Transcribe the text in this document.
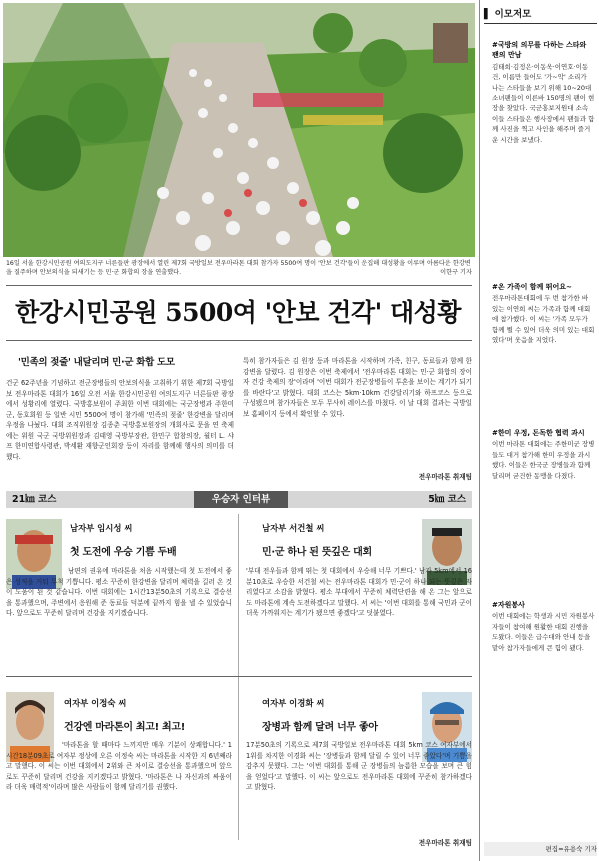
16일 서울 한강시민공원 여의도지구 너른들판 광장에서 열린 제7회 국방일보 전우마라톤 대회 참가자 5500여 명이 '안보 건각'들이 운집해 대성황을 이루며 아름다운 한강변을 질주하며 안보의식을 되새기는 등 민·군 화합의 장을 연출했다.	이한구 기자
한강시민공원 5500여 '안보 건각' 대성황
'민족의 젖줄' 내달리며 민·군 화합 도모
건군 62주년을 기념하고 전군장병들의 안보의식을 고취하기 위한 제7회 국방일보 전우마라톤 대회가 16일 오전 서울 한강시민공원 여의도지구 너른들판 광장에서 성황리에 열렸다. 국방홍보원이 주최한 이번 대회에는 국군장병과 주한미군, 동호회원 등 일반 시민 5500여 명이 참가해 '민족의 젖줄' 한강변을 달리며 우정을 나눴다. 대회 조직위원장 김종춘 국방홍보원장의 개회사로 문을 연 축제에는 위원 국군 국방위원장과 김태영 국방부장관, 한민구 합참의장, 월터 L. 샤프 한미연합사령관, 박세환 재향군인회장 등이 자리를 함께해 행사의 의미를 더했다.
특히 참가자들은 김 원장 등과 마라톤을 시작하며 가족, 친구, 동료들과 함께 한강변을 달렸다. 김 원장은 이번 축제에서 '전우마라톤 대회는 민·군 화합의 장이자 건강 축제의 장'이라며 '이번 대회가 전군장병들이 투혼을 보이는 계기가 되기를 바란다'고 밝혔다. 대회 코스는 5km·10km 건강달리기와 하프코스 등으로 구성됐으며 참가자들은 모두 무사히 레이스를 마쳤다. 이 날 대회 결과는 국방일보 홈페이지 등에서 확인할 수 있다.
전우마라톤 취재팀
21㎞ 코스	우승자 인터뷰	5㎞ 코스
남자부 임시성 씨
첫 도전에 우승 기쁨 두배
남편의 권유에 마라톤을 처음 시작했는데 첫 도전에서 좋은 성적을 거둬 무척 기쁩니다. 평소 꾸준히 한강변을 달리며 체력을 길러 온 것이 도움이 된 것 같습니다. 이번 대회에는 1시간13분50초의 기록으로 결승선을 통과했으며, 주변에서 응원해 준 동료들 덕분에 끝까지 힘을 낼 수 있었습니다. 앞으로도 꾸준히 달리며 건강을 지키겠습니다.
남자부 서건철 씨
민·군 하나 된 뜻깊은 대회
'부대 전우들과 함께 뛰는 첫 대회에서 우승해 너무 기쁘다.' 남자 5km에서 16분10초로 우승한 서건철 씨는 전우마라톤 대회가 민·군이 하나 되는 뜻깊은 자리였다고 소감을 밝혔다. 평소 부대에서 꾸준히 체력단련을 해 온 그는 앞으로도 마라톤에 계속 도전하겠다고 말했다. 서 씨는 '이번 대회를 통해 국민과 군이 더욱 가까워지는 계기가 됐으면 좋겠다'고 덧붙였다.
여자부 이정숙 씨
건강엔 마라톤이 최고! 최고!
'마라톤을 할 때마다 느끼지만 매우 기분이 상쾌합니다.' 1시간18분09초로 여자부 정상에 오른 이정숙 씨는 마라톤을 시작한 지 6년째라고 말했다. 이 씨는 이번 대회에서 2위와 큰 차이로 결승선을 통과했으며 앞으로도 꾸준히 달리며 건강을 지키겠다고 밝혔다. '마라톤은 나 자신과의 싸움이라 더욱 매력적'이라며 많은 사람들이 함께 달리기를 권했다.
여자부 이경화 씨
장병과 함께 달려 너무 좋아
17분50초의 기록으로 제7회 국방일보 전우마라톤 대회 5km 코스 여자부에서 1위를 차지한 이경화 씨는 '장병들과 함께 달릴 수 있어 너무 좋았다'며 기쁨을 감추지 못했다. 그는 '이번 대회를 통해 군 장병들의 늠름한 모습을 보며 큰 힘을 얻었다'고 말했다. 이 씨는 앞으로도 전우마라톤 대회에 꾸준히 참가하겠다고 밝혔다.
전우마라톤 취재팀
▌ 이모저모
#국방의 의무를 다하는 스타와 팬의 만남
김태희·김정은·이동욱·이연호·이동건, 이름만 들어도 '가~악' 소리가 나는 스타들을 보기 위해 10~20대 소녀팬들이 이른바 150명의 팬이 현장을 찾았다. 국군홍보지원대 소속 이들 스타들은 행사장에서 팬들과 함께 사진을 찍고 사인을 해주며 즐거운 시간을 보냈다.
#온 가족이 함께 뛰어요~
전우마라톤대회에 두 번 참가한 바 있는 이연희 씨는 가족과 함께 대회에 참가했다. 이 씨는 '가족 모두가 함께 뛸 수 있어 더욱 의미 있는 대회였다'며 웃음을 지었다.
#한미 우정, 돈독한 협력 과시
이번 마라톤 대회에는 주한미군 장병들도 대거 참가해 한미 우정을 과시했다. 이들은 한국군 장병들과 함께 달리며 굳건한 동맹을 다졌다.
#자원봉사
이번 대회에는 학생과 시민 자원봉사자들이 참여해 원활한 대회 진행을 도왔다. 이들은 급수대와 안내 등을 맡아 참가자들에게 큰 힘이 됐다.
편집=유용숙 기자
